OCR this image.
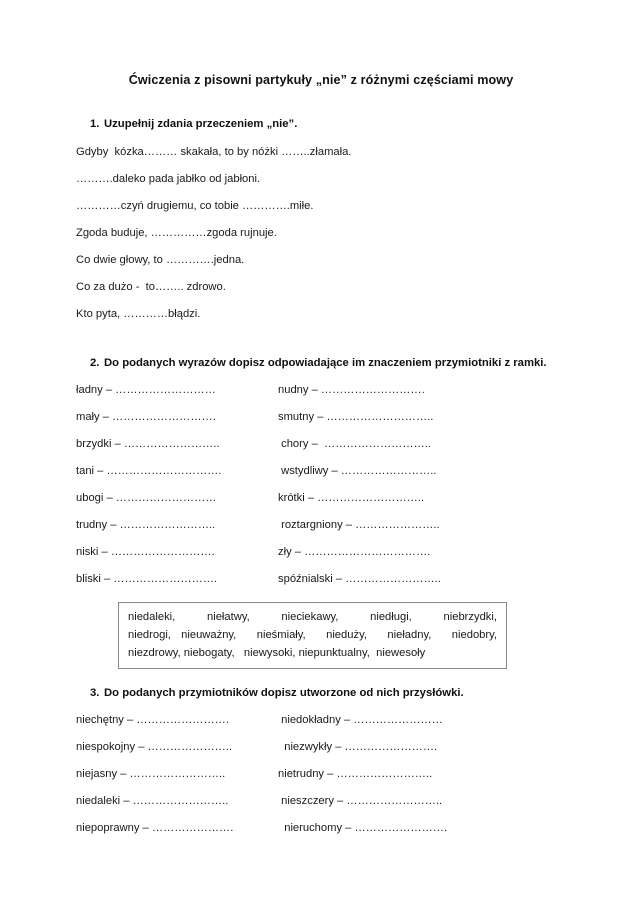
Ćwiczenia z pisowni partykuły „nie” z różnymi częściami mowy
1. Uzupełnij zdania przeczeniem „nie”.
Gdyby  kózka……… skakała, to by nóżki ……..złamała.
……….daleko pada jabłko od jabłoni.
…………czyń drugiemu, co tobie ………….miłe.
Zgoda buduje, ……………zgoda rujnuje.
Co dwie głowy, to ………….jedna.
Co za dużo -  to…….. zdrowo.
Kto pyta, …………błądzi.
2. Do podanych wyrazów dopisz odpowiadające im znaczeniem przymiotniki z ramki.
ładny – ………………………	nudny – ……………………….
mały – ……………………….	smutny – ………………………..
brzydki – ……………………..	chory –  ………………………..
tani – ………………………….	wstydliwy – ……………………..
ubogi – ………………………	krótki – ………………………..
trudny – ……………………..	roztargniony – …………………..
niski – ……………………….	zły – …………………………….
bliski – ……………………….	spóźnialski – ……………………..
niedaleki,  niełatwy,  nieciekawy,  niedługi,  niebrzydki,
niedrogi, nieuważny,  nieśmiały,  nieduży,  nieładny,  niedobry,
niezdrowy, niebogaty,   niewysoki, niepunktualny,  niewesoły
3. Do podanych przymiotników dopisz utworzone od nich przysłówki.
niechętny – …………………….	niedokładny – ……………………
niespokojny – …………………..	niezwykły – …………………….
niejasny – ……………………..	nietrudny – ……………………..
niedaleki – ……………………..	nieszczery – ……………………..
niepoprawny – ………………….	nieruchomy – …………………….
